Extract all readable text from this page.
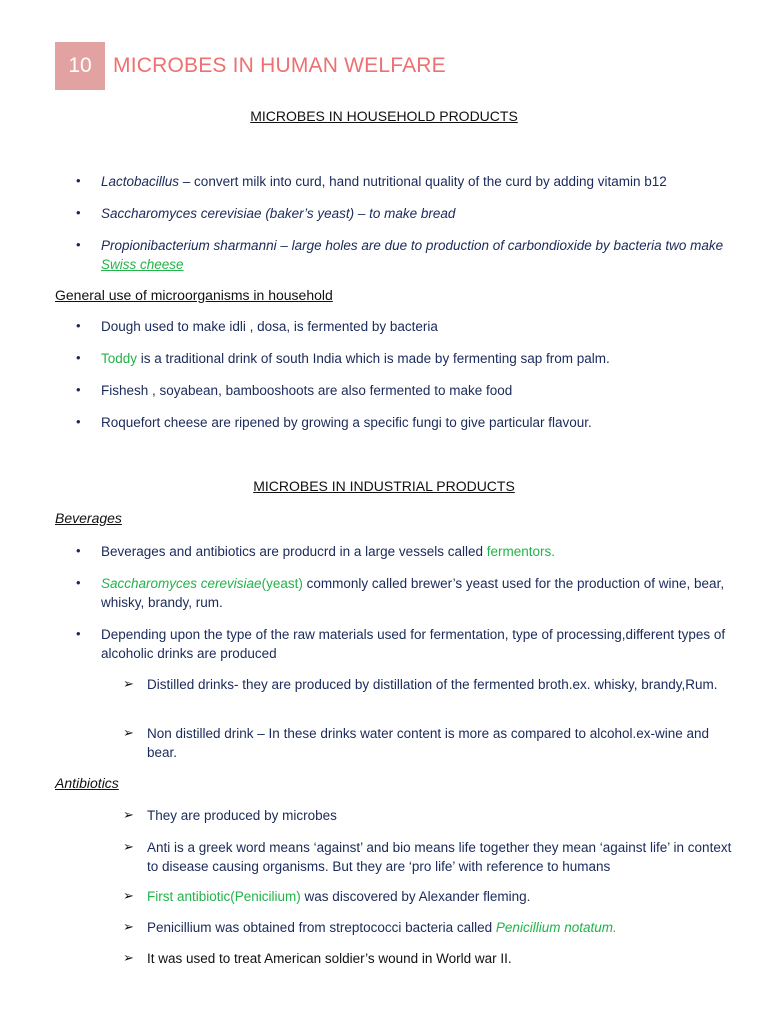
10 MICROBES IN HUMAN WELFARE
MICROBES IN HOUSEHOLD PRODUCTS
• Lactobacillus – convert milk into curd, hand nutritional quality of the curd by adding vitamin b12
• Saccharomyces cerevisiae (baker’s yeast) – to make bread
• Propionibacterium sharmanni – large holes are due to production of carbondioxide by bacteria two make Swiss cheese
General use of microorganisms in household
• Dough used to make idli , dosa, is fermented by bacteria
• Toddy is a traditional drink of south India which is made by fermenting sap from palm.
• Fishesh , soyabean, bambooshoots are also fermented to make food
• Roquefort cheese are ripened by growing a specific fungi to give particular flavour.
MICROBES IN INDUSTRIAL PRODUCTS
Beverages
• Beverages and antibiotics are producrd in a large vessels called fermentors.
• Saccharomyces cerevisiae(yeast) commonly called brewer’s yeast used for the production of wine, bear, whisky, brandy, rum.
• Depending upon the type of the raw materials used for fermentation, type of processing,different types of alcoholic drinks are produced
➢ Distilled drinks- they are produced by distillation of the fermented broth.ex. whisky, brandy,Rum.
➢ Non distilled drink – In these drinks water content is more as compared to alcohol.ex-wine and bear.
Antibiotics
➢ They are produced by microbes
➢ Anti is a greek word means ‘against’ and bio means life together they mean ‘against life’ in context to disease causing organisms. But they are ‘pro life’ with reference to humans
➢ First antibiotic(Penicilium) was discovered by Alexander fleming.
➢ Penicillium was obtained from streptococci bacteria called Penicillium notatum.
➢ It was used to treat American soldier’s wound in World war II.
